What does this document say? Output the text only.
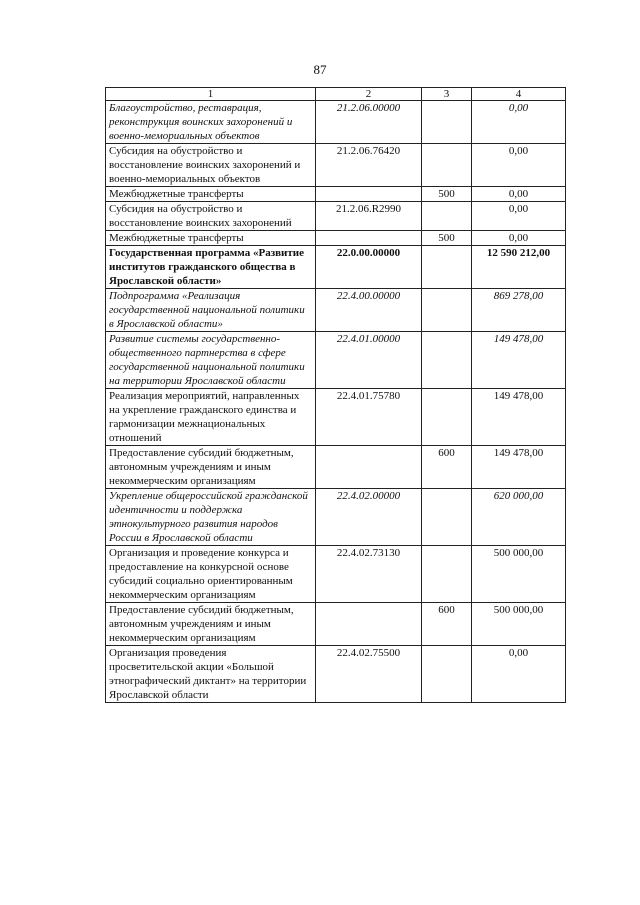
87
1	2	3	4
Благоустройство, реставрация, реконструкция воинских захоронений и военно-мемориальных объектов	21.2.06.00000		0,00
Субсидия на обустройство и восстановление воинских захоронений и военно-мемориальных объектов	21.2.06.76420		0,00
Межбюджетные трансферты		500	0,00
Субсидия на обустройство и восстановление воинских захоронений	21.2.06.R2990		0,00
Межбюджетные трансферты		500	0,00
Государственная программа «Развитие институтов гражданского общества в Ярославской области»	22.0.00.00000		12 590 212,00
Подпрограмма «Реализация государственной национальной политики в Ярославской области»	22.4.00.00000		869 278,00
Развитие системы государственно-общественного партнерства в сфере государственной национальной политики на территории Ярославской области	22.4.01.00000		149 478,00
Реализация мероприятий, направленных на укрепление гражданского единства и гармонизации межнациональных отношений	22.4.01.75780		149 478,00
Предоставление субсидий бюджетным, автономным учреждениям и иным некоммерческим организациям		600	149 478,00
Укрепление общероссийской гражданской идентичности и поддержка этнокультурного развития народов России в Ярославской области	22.4.02.00000		620 000,00
Организация и проведение конкурса и предоставление на конкурсной основе субсидий социально ориентированным некоммерческим организациям	22.4.02.73130		500 000,00
Предоставление субсидий бюджетным, автономным учреждениям и иным некоммерческим организациям		600	500 000,00
Организация проведения просветительской акции «Большой этнографический диктант» на территории Ярославской области	22.4.02.75500		0,00
